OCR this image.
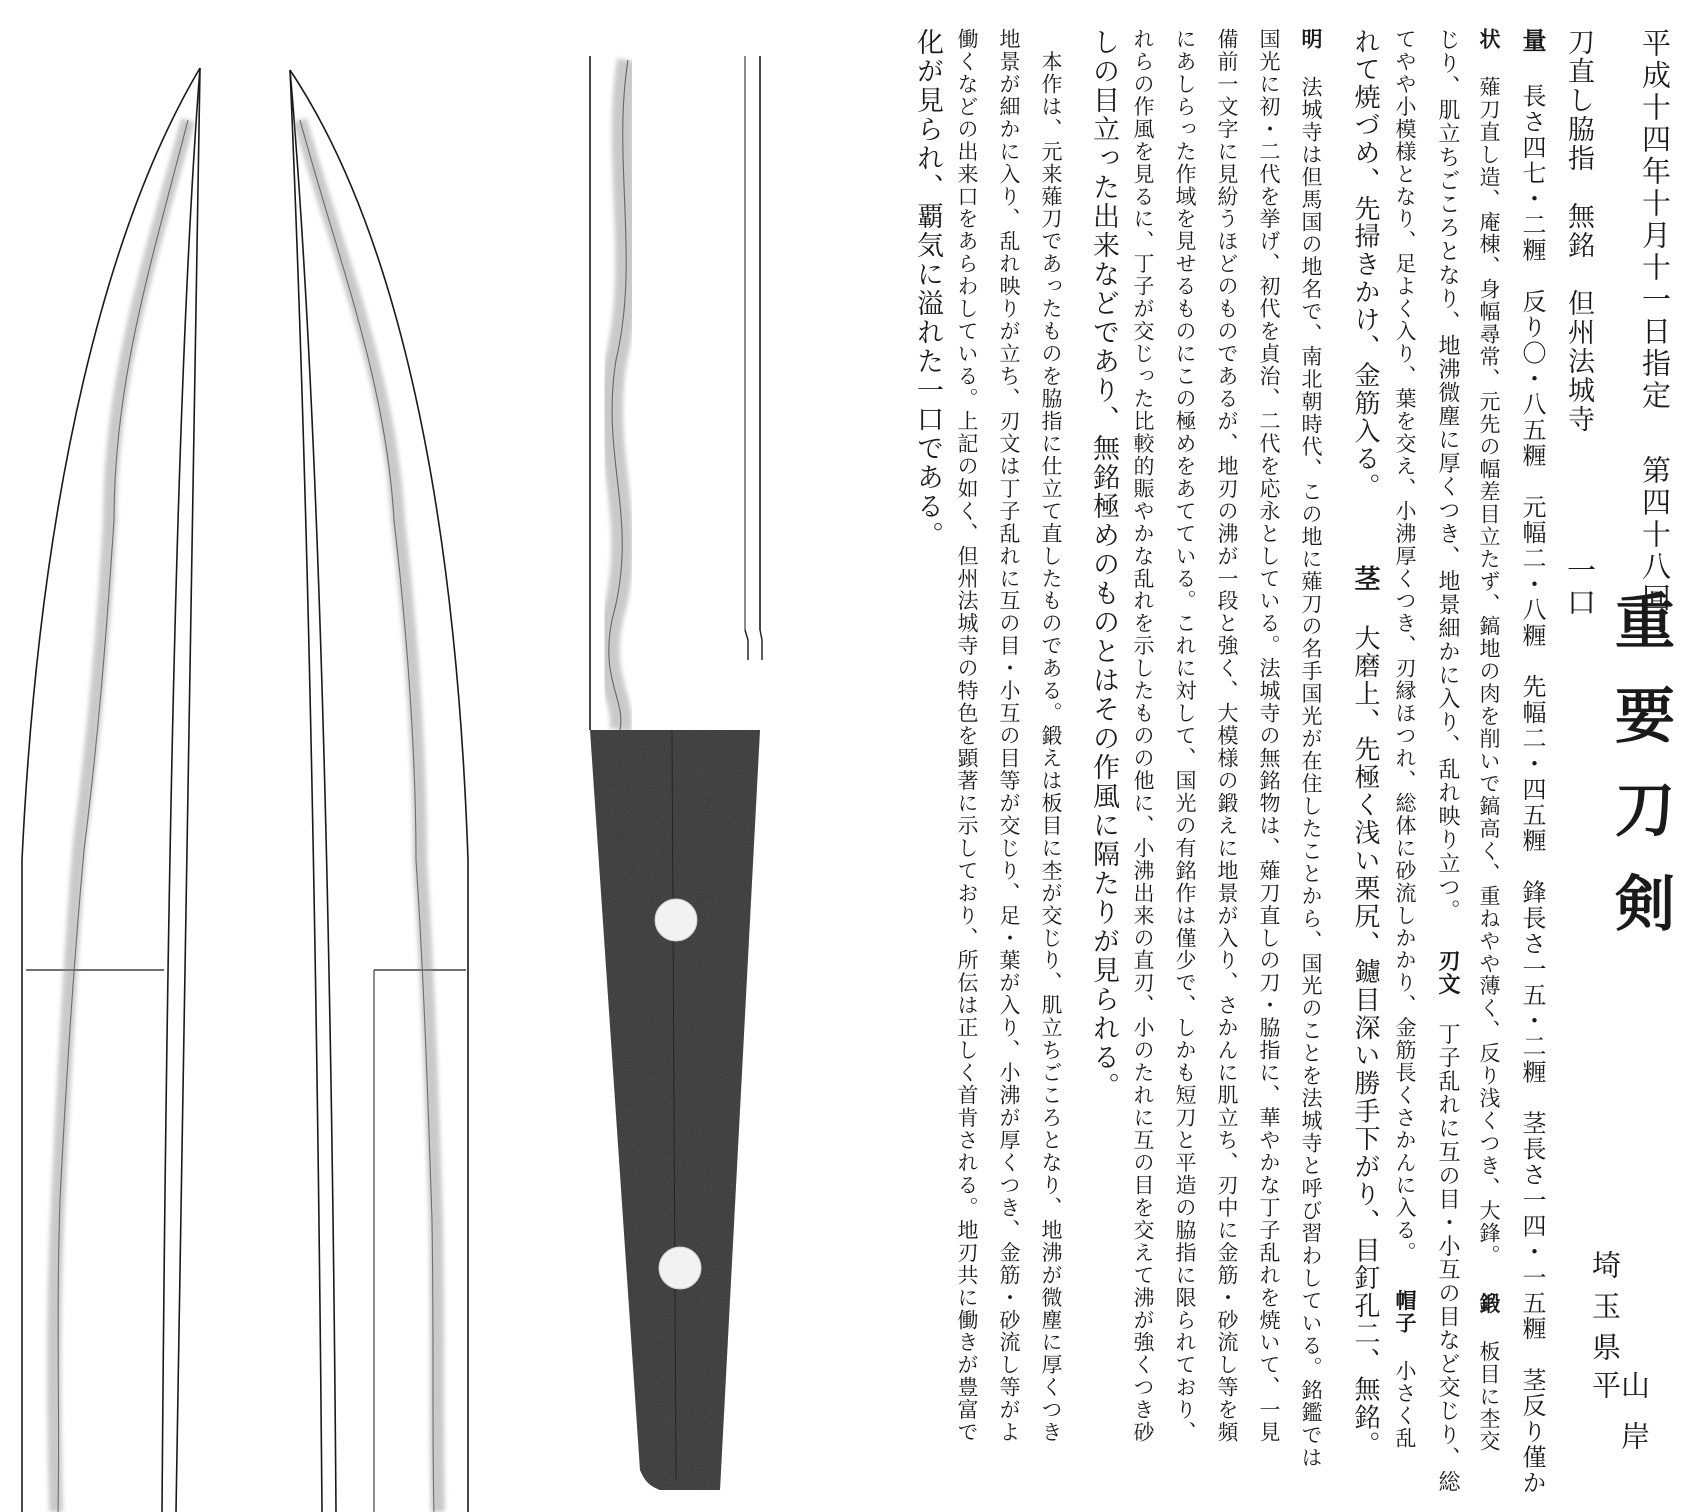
平成十四年十月十一日指定
第四十八回
重要刀剣
埼玉県
山岸平
刀直し脇指　無銘　但州法城寺
一口
量 長さ四七・二糎　反り〇・八五糎　元幅二・八糎　先幅二・四五糎　鋒長さ一五・二糎　茎長さ一四・一五糎　茎反り僅か
状 薙刀直し造、庵棟、身幅尋常、元先の幅差目立たず、鎬地の肉を削いで鎬高く、重ねやや薄く、反り浅くつき、大鋒。 鍛 板目に杢交
じり、肌立ちごころとなり、地沸微塵に厚くつき、地景細かに入り、乱れ映り立つ。 刃文 丁子乱れに互の目・小互の目など交じり、総
てやや小模様となり、足よく入り、葉を交え、小沸厚くつき、刃縁ほつれ、総体に砂流しかかり、金筋長くさかんに入る。 帽子 小さく乱
れて焼づめ、先掃きかけ、金筋入る。 茎 大磨上、先極く浅い栗尻、鑢目深い勝手下がり、目釘孔二、無銘。
明 法城寺は但馬国の地名で、南北朝時代、この地に薙刀の名手国光が在住したことから、国光のことを法城寺と呼び習わしている。銘鑑では
国光に初・二代を挙げ、初代を貞治、二代を応永としている。法城寺の無銘物は、薙刀直しの刀・脇指に、華やかな丁子乱れを焼いて、一見
備前一文字に見紛うほどのものであるが、地刃の沸が一段と強く、大模様の鍛えに地景が入り、さかんに肌立ち、刃中に金筋・砂流し等を頻
にあしらった作域を見せるものにこの極めをあてている。これに対して、国光の有銘作は僅少で、しかも短刀と平造の脇指に限られており、
れらの作風を見るに、丁子が交じった比較的賑やかな乱れを示したものの他に、小沸出来の直刃、小のたれに互の目を交えて沸が強くつき砂
しの目立った出来などであり、無銘極めのものとはその作風に隔たりが見られる。
　本作は、元来薙刀であったものを脇指に仕立て直したものである。鍛えは板目に杢が交じり、肌立ちごころとなり、地沸が微塵に厚くつき
地景が細かに入り、乱れ映りが立ち、刃文は丁子乱れに互の目・小互の目等が交じり、足・葉が入り、小沸が厚くつき、金筋・砂流し等がよ
働くなどの出来口をあらわしている。上記の如く、但州法城寺の特色を顕著に示しており、所伝は正しく首肯される。地刃共に働きが豊富で
化が見られ、覇気に溢れた一口である。
